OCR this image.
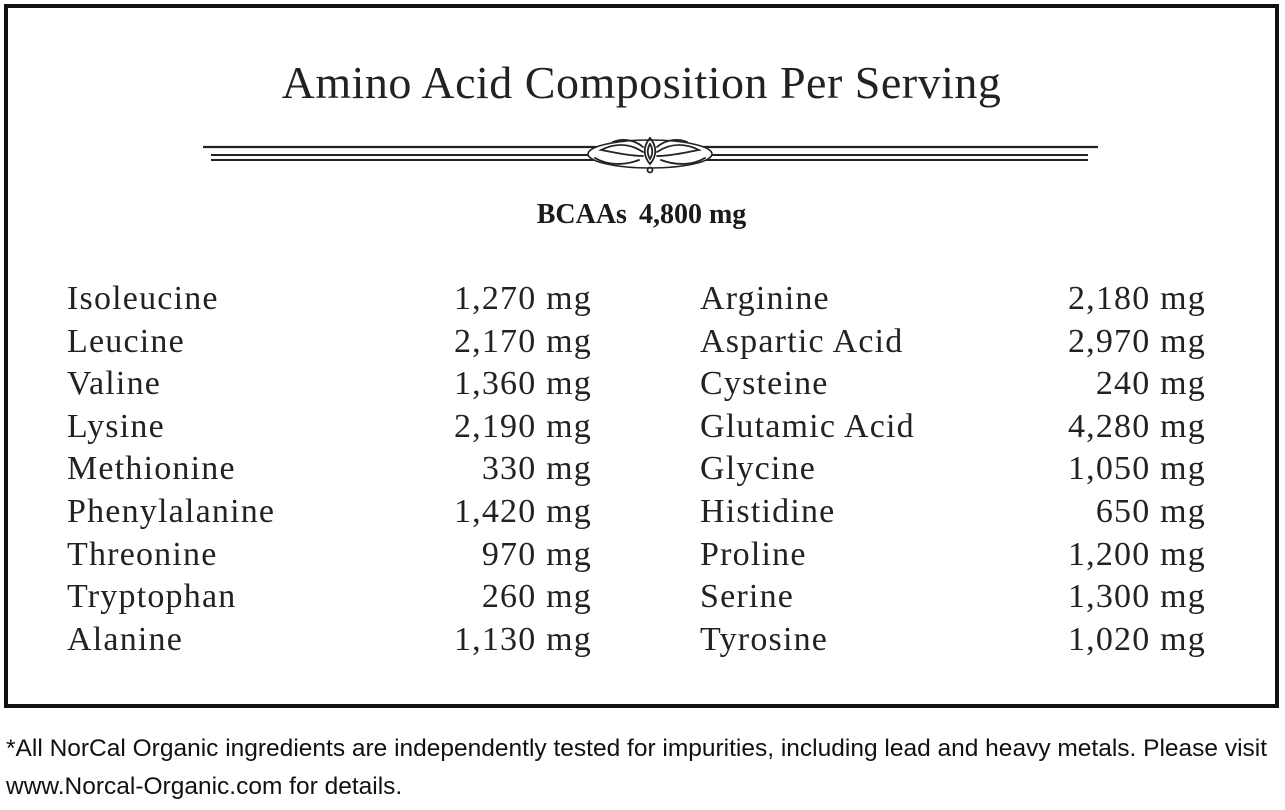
Amino Acid Composition Per Serving
BCAAs 4,800 mg
Isoleucine	1,270 mg
Leucine	2,170 mg
Valine	1,360 mg
Lysine	2,190 mg
Methionine	330 mg
Phenylalanine	1,420 mg
Threonine	970 mg
Tryptophan	260 mg
Alanine	1,130 mg
Arginine	2,180 mg
Aspartic Acid	2,970 mg
Cysteine	240 mg
Glutamic Acid	4,280 mg
Glycine	1,050 mg
Histidine	650 mg
Proline	1,200 mg
Serine	1,300 mg
Tyrosine	1,020 mg
*All NorCal Organic ingredients are independently tested for impurities, including lead and heavy metals. Please visit www.Norcal-Organic.com for details.
